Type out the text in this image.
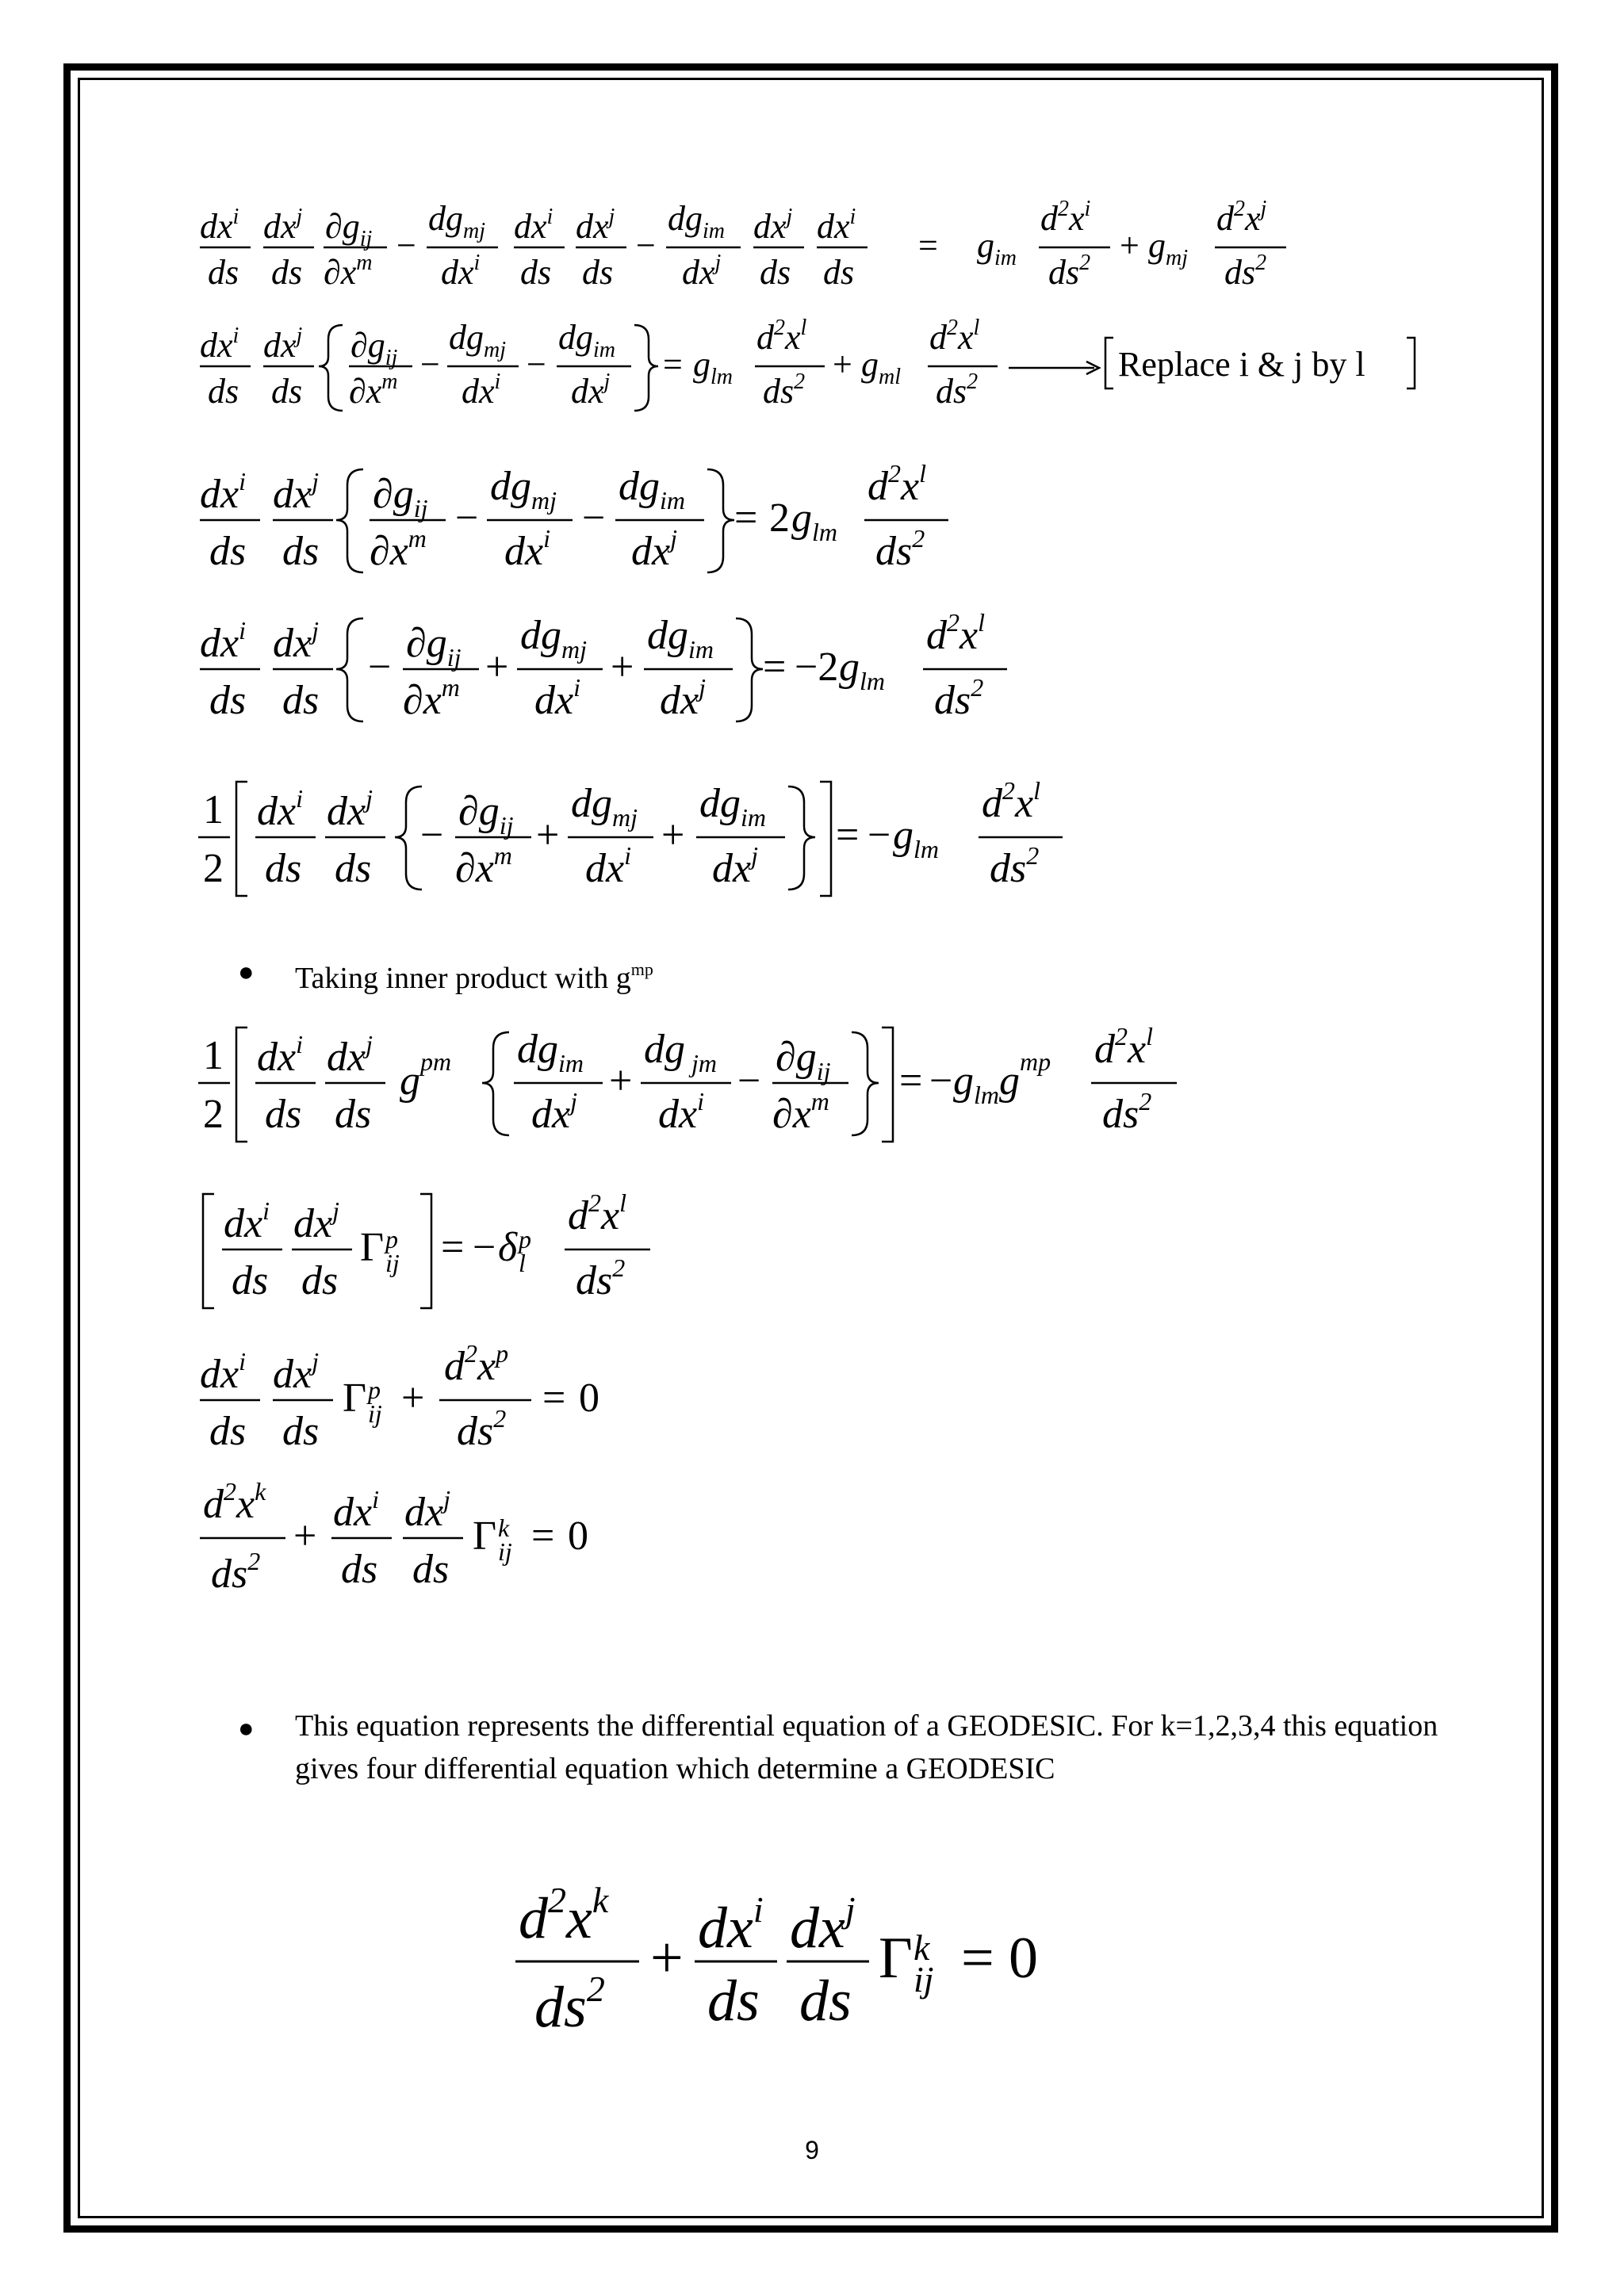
$dx^i$
ds
$dx^j$
ds
$\partial g_{ij}$
$\partial x^m$ −
$dg_{mj}$
$dx^i$
$dx^i$
ds
$dx^j$
ds
−
$dg_{im}$
$dx^j$
$dx^j$
ds
$dx^i$
ds
= $g_{im}$
$d^2x^i$
$ds^2 + g_{mj}$
$d^2x^j$
$ds^2$
$dx^i$
ds
$dx^j$
ds
$\partial g_{ij}$
$\partial x^m$ −
$dg_{mj}$
$dx^i$ −
$dg_{im}$
$dx^j = g_{lm}$
$d^2x^l$
$ds^2 + g_{ml}$
$d^2x^l$
$ds^2$	Replace i & j by l
$dx^i$
ds
$dx^j$
ds
$\partial g_{ij}$
$\partial x^m$ −
$dg_{mj}$
$dx^i$ −
$dg_{im}$
$dx^j = 2$ $g_{lm}$
$d^2x^l$
$ds^2$
$dx^i$
ds
$dx^j$
ds
−
$\partial g_{ij}$
$\partial x^m$ +
$dg_{mj}$
$dx^i$ +
$dg_{im}$
$dx^j = -2$ $g_{lm}$
$d^2x^l$
$ds^2$
1
2
$dx^i$
ds
$dx^j$
ds
−
$\partial g_{ij}$
$\partial x^m$ +
$dg_{mj}$
$dx^i$ +
$dg_{im}$
$dx^j$ = − $g_{lm}$
$d^2x^l$
$ds^2$
●	Taking inner product with $g^{mp}$
1
2
$dx^i$
ds
$dx^j$
ds
$g^{pm}$ $dg_{im}$
$dx^j$ +
dg $_{jm}$
$dx^i$ −
$\partial g_{ij}$
$\partial x^m$ = − $g_{lm}g^{mp}$ $d^2x^l$
$ds^2$
$dx^i$
ds
$dx^j$
ds
Γ p
ij = − δ p
l
$d^2x^l$
$ds^2$
$dx^i$
ds
$dx^j$
ds
Γ p
ij +
$d^2x^p$
$ds^2 = 0$
$d^2x^k$
$ds^2$
+
$dx^i$
ds
$dx^j$
ds
Γ k
ij = 0
●	This equation represents the differential equation of a GEODESIC. For k=1,2,3,4 this equation gives four differential equation which determine a GEODESIC
$d^2x^k$
$ds^2 + dx^i$
ds
$dx^j$
ds
Γ k
ij = 0
9
